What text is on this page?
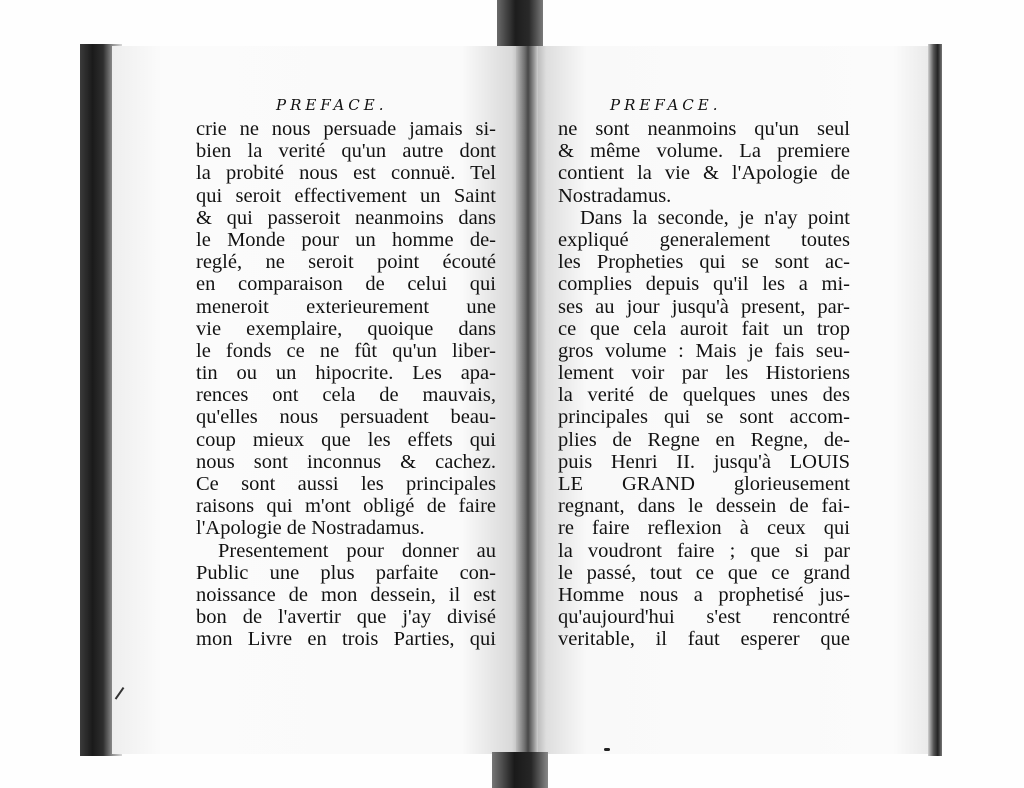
PREFACE.	PREFACE.
crie ne nous persuade jamais si-
bien la verité qu'un autre dont
la probité nous est connuë. Tel
qui seroit effectivement un Saint
& qui passeroit neanmoins dans
le Monde pour un homme de-
reglé, ne seroit point écouté
en comparaison de celui qui
meneroit exterieurement une
vie exemplaire, quoique dans
le fonds ce ne fût qu'un liber-
tin ou un hipocrite. Les apa-
rences ont cela de mauvais,
qu'elles nous persuadent beau-
coup mieux que les effets qui
nous sont inconnus & cachez.
Ce sont aussi les principales
raisons qui m'ont obligé de faire
l'Apologie de Nostradamus.
Presentement pour donner au
Public une plus parfaite con-
noissance de mon dessein, il est
bon de l'avertir que j'ay divisé
mon Livre en trois Parties, qui
ne sont neanmoins qu'un seul
& même volume. La premiere
contient la vie & l'Apologie de
Nostradamus.
Dans la seconde, je n'ay point
expliqué generalement toutes
les Propheties qui se sont ac-
complies depuis qu'il les a mi-
ses au jour jusqu'à present, par-
ce que cela auroit fait un trop
gros volume : Mais je fais seu-
lement voir par les Historiens
la verité de quelques unes des
principales qui se sont accom-
plies de Regne en Regne, de-
puis Henri II. jusqu'à LOUIS
LE GRAND glorieusement
regnant, dans le dessein de fai-
re faire reflexion à ceux qui
la voudront faire ; que si par
le passé, tout ce que ce grand
Homme nous a prophetisé jus-
qu'aujourd'hui s'est rencontré
veritable, il faut esperer que
